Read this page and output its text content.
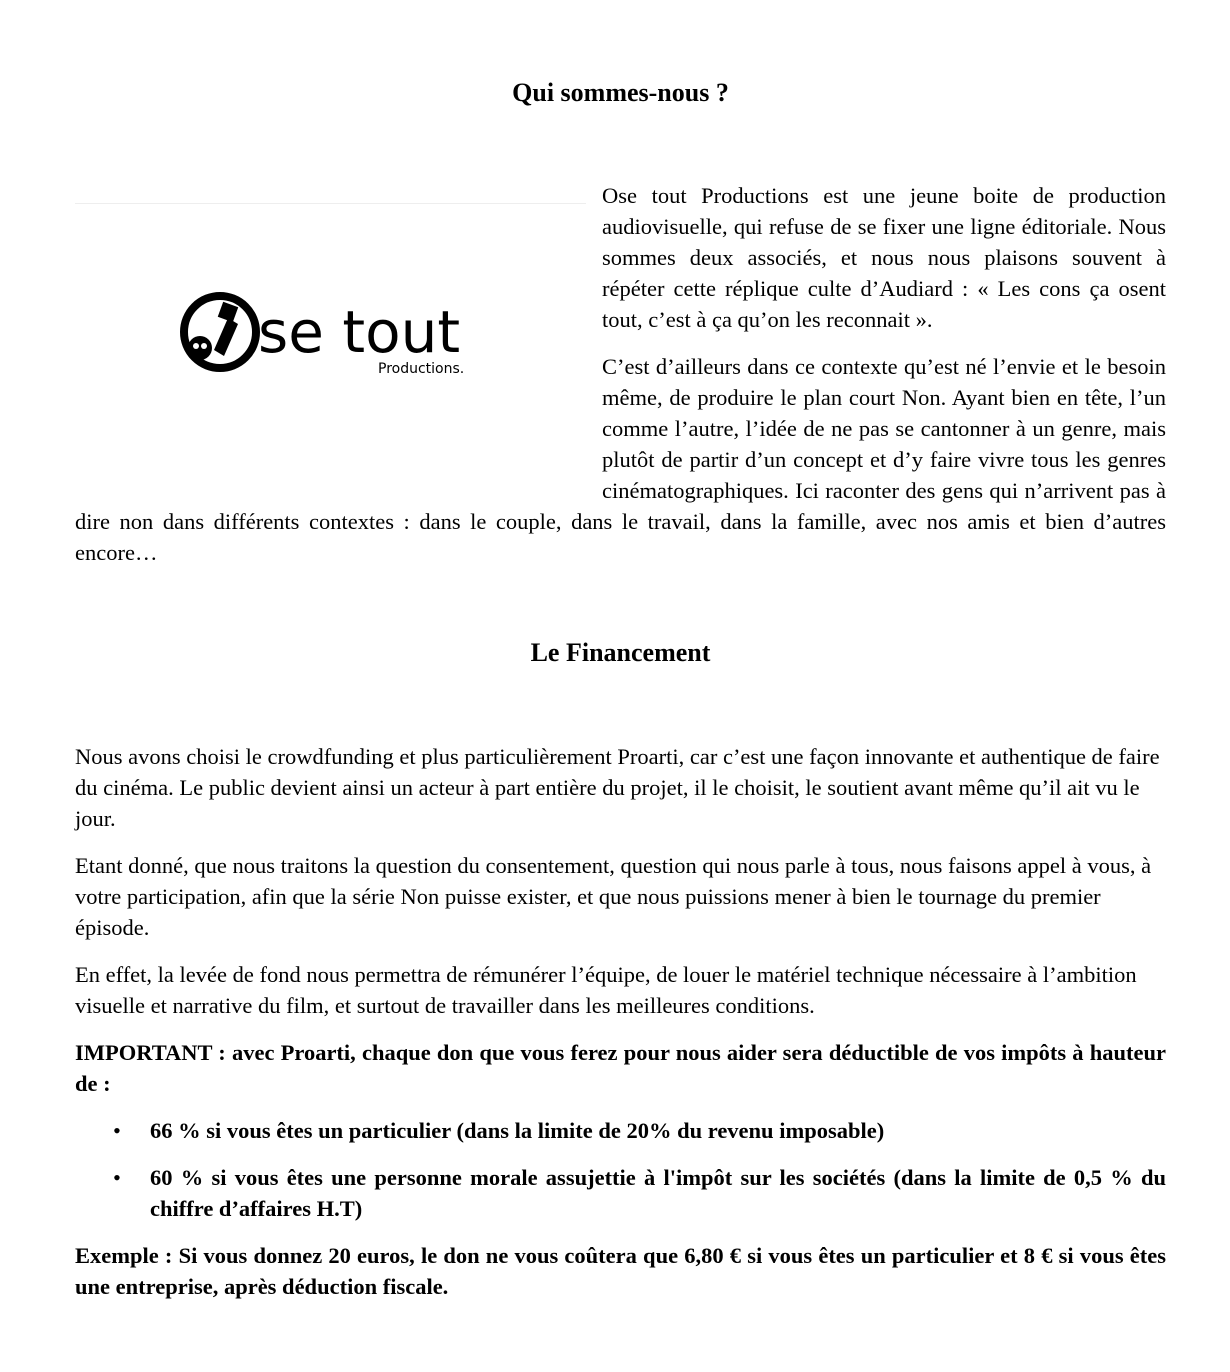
Qui sommes-nous ?
se tout
Productions.

Ose tout Productions est une jeune boite de production audiovisuelle, qui refuse de se fixer une ligne éditoriale. Nous sommes deux associés, et nous nous plaisons souvent à répéter cette réplique culte d’Audiard : « Les cons ça osent tout, c’est à ça qu’on les reconnait ».

C’est d’ailleurs dans ce contexte qu’est né l’envie et le besoin même, de produire le plan court Non. Ayant bien en tête, l’un comme l’autre, l’idée de ne pas se cantonner à un genre, mais plutôt de partir d’un concept et d’y faire vivre tous les genres cinématographiques. Ici raconter des gens qui n’arrivent pas à dire non dans différents contextes : dans le couple, dans le travail, dans la famille, avec nos amis et bien d’autres encore…

Le Financement

Nous avons choisi le crowdfunding et plus particulièrement Proarti, car c’est une façon innovante et authentique de faire du cinéma. Le public devient ainsi un acteur à part entière du projet, il le choisit, le soutient avant même qu’il ait vu le jour.

Etant donné, que nous traitons la question du consentement, question qui nous parle à tous, nous faisons appel à vous, à votre participation, afin que la série Non puisse exister, et que nous puissions mener à bien le tournage du premier épisode.

En effet, la levée de fond nous permettra de rémunérer l’équipe, de louer le matériel technique nécessaire à l’ambition visuelle et narrative du film, et surtout de travailler dans les meilleures conditions.

IMPORTANT : avec Proarti, chaque don que vous ferez pour nous aider sera déductible de vos impôts à hauteur de :

• 66 % si vous êtes un particulier (dans la limite de 20% du revenu imposable)
• 60 % si vous êtes une personne morale assujettie à l'impôt sur les sociétés (dans la limite de 0,5 % du chiffre d’affaires H.T)

Exemple : Si vous donnez 20 euros, le don ne vous coûtera que 6,80 € si vous êtes un particulier et 8 € si vous êtes une entreprise, après déduction fiscale.
